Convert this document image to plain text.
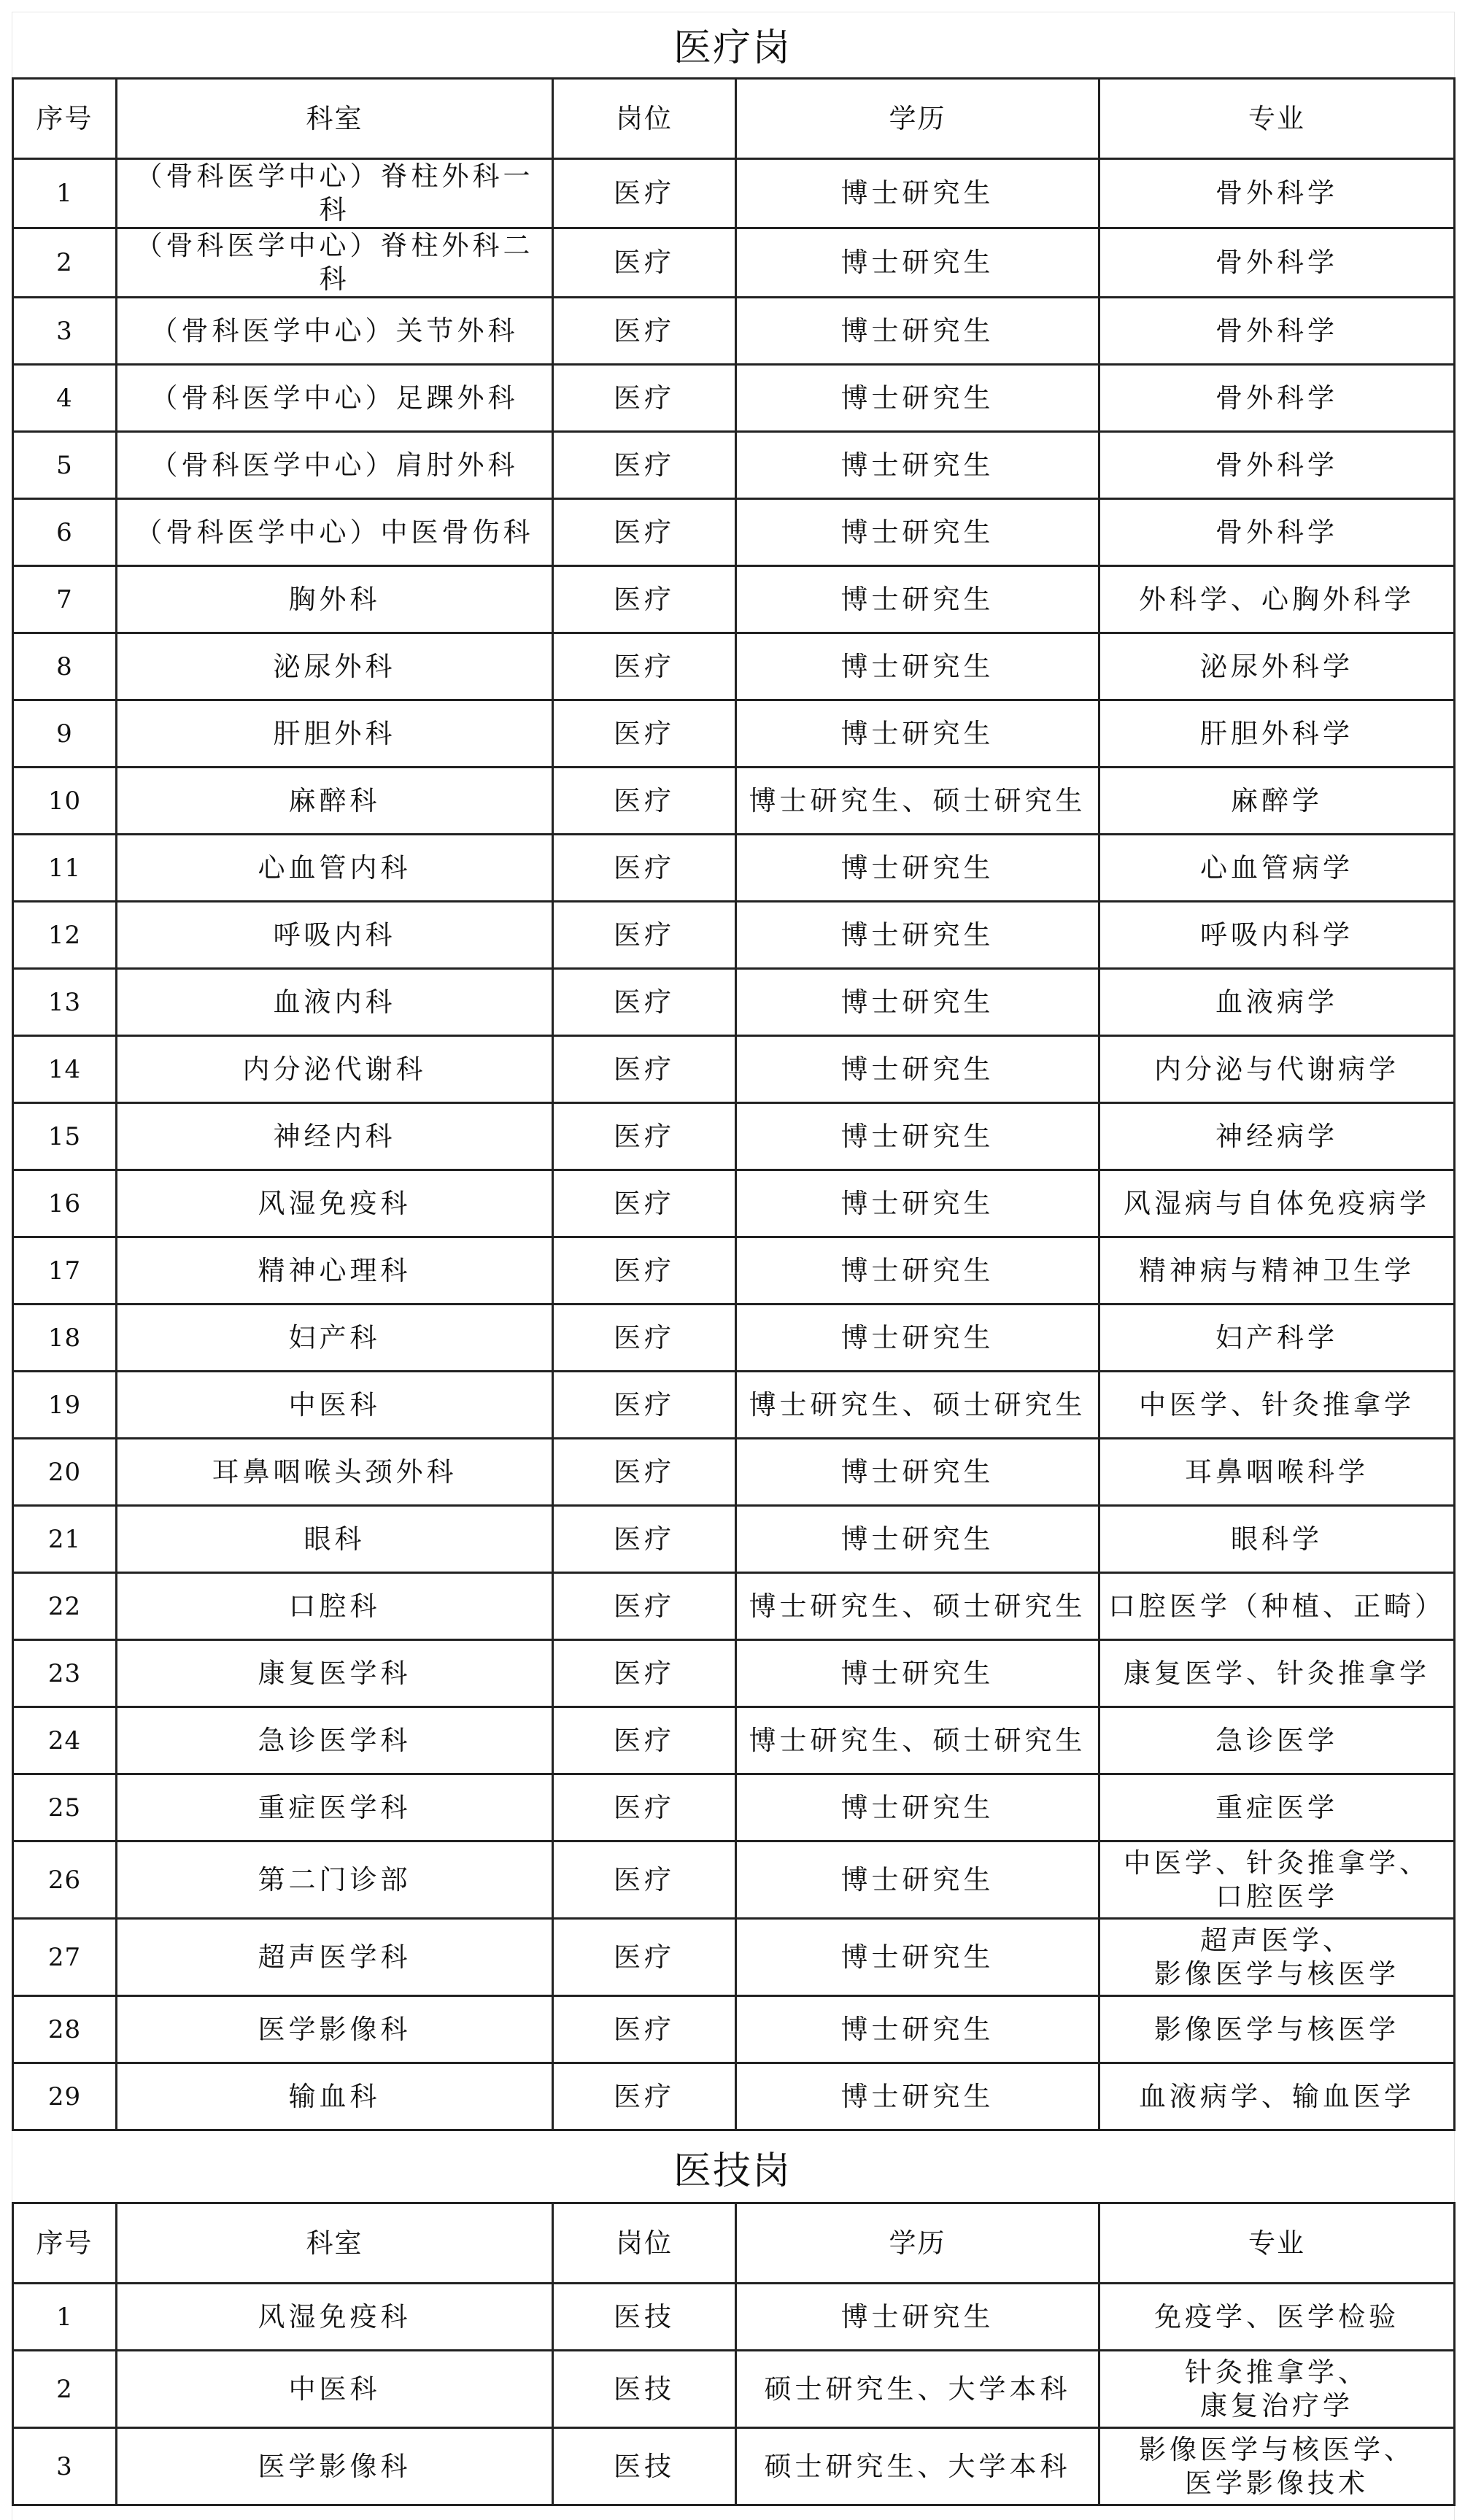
医疗岗
序号	科室	岗位	学历	专业
1	（骨科医学中心）脊柱外科一科	医疗	博士研究生	骨外科学

2	（骨科医学中心）脊柱外科二科	医疗	博士研究生	骨外科学

3	（骨科医学中心）关节外科	医疗	博士研究生	骨外科学

4	（骨科医学中心）足踝外科	医疗	博士研究生	骨外科学

5	（骨科医学中心）肩肘外科	医疗	博士研究生	骨外科学

6	（骨科医学中心）中医骨伤科	医疗	博士研究生	骨外科学

7	胸外科	医疗	博士研究生	外科学、心胸外科学

8	泌尿外科	医疗	博士研究生	泌尿外科学

9	肝胆外科	医疗	博士研究生	肝胆外科学

10	麻醉科	医疗	博士研究生、硕士研究生	麻醉学

11	心血管内科	医疗	博士研究生	心血管病学

12	呼吸内科	医疗	博士研究生	呼吸内科学

13	血液内科	医疗	博士研究生	血液病学

14	内分泌代谢科	医疗	博士研究生	内分泌与代谢病学

15	神经内科	医疗	博士研究生	神经病学

16	风湿免疫科	医疗	博士研究生	风湿病与自体免疫病学

17	精神心理科	医疗	博士研究生	精神病与精神卫生学

18	妇产科	医疗	博士研究生	妇产科学

19	中医科	医疗	博士研究生、硕士研究生	中医学、针灸推拿学

20	耳鼻咽喉头颈外科	医疗	博士研究生	耳鼻咽喉科学

21	眼科	医疗	博士研究生	眼科学

22	口腔科	医疗	博士研究生、硕士研究生	口腔医学（种植、正畸）

23	康复医学科	医疗	博士研究生	康复医学、针灸推拿学

24	急诊医学科	医疗	博士研究生、硕士研究生	急诊医学

25	重症医学科	医疗	博士研究生	重症医学

26	第二门诊部	医疗	博士研究生	中医学、针灸推拿学、
口腔医学

27	超声医学科	医疗	博士研究生	超声医学、
影像医学与核医学

28	医学影像科	医疗	博士研究生	影像医学与核医学

29	输血科	医疗	博士研究生	血液病学、输血医学
医技岗
序号	科室	岗位	学历	专业
1	风湿免疫科	医技	博士研究生	免疫学、医学检验

2	中医科	医技	硕士研究生、大学本科	针灸推拿学、
康复治疗学

3	医学影像科	医技	硕士研究生、大学本科	影像医学与核医学、
医学影像技术
